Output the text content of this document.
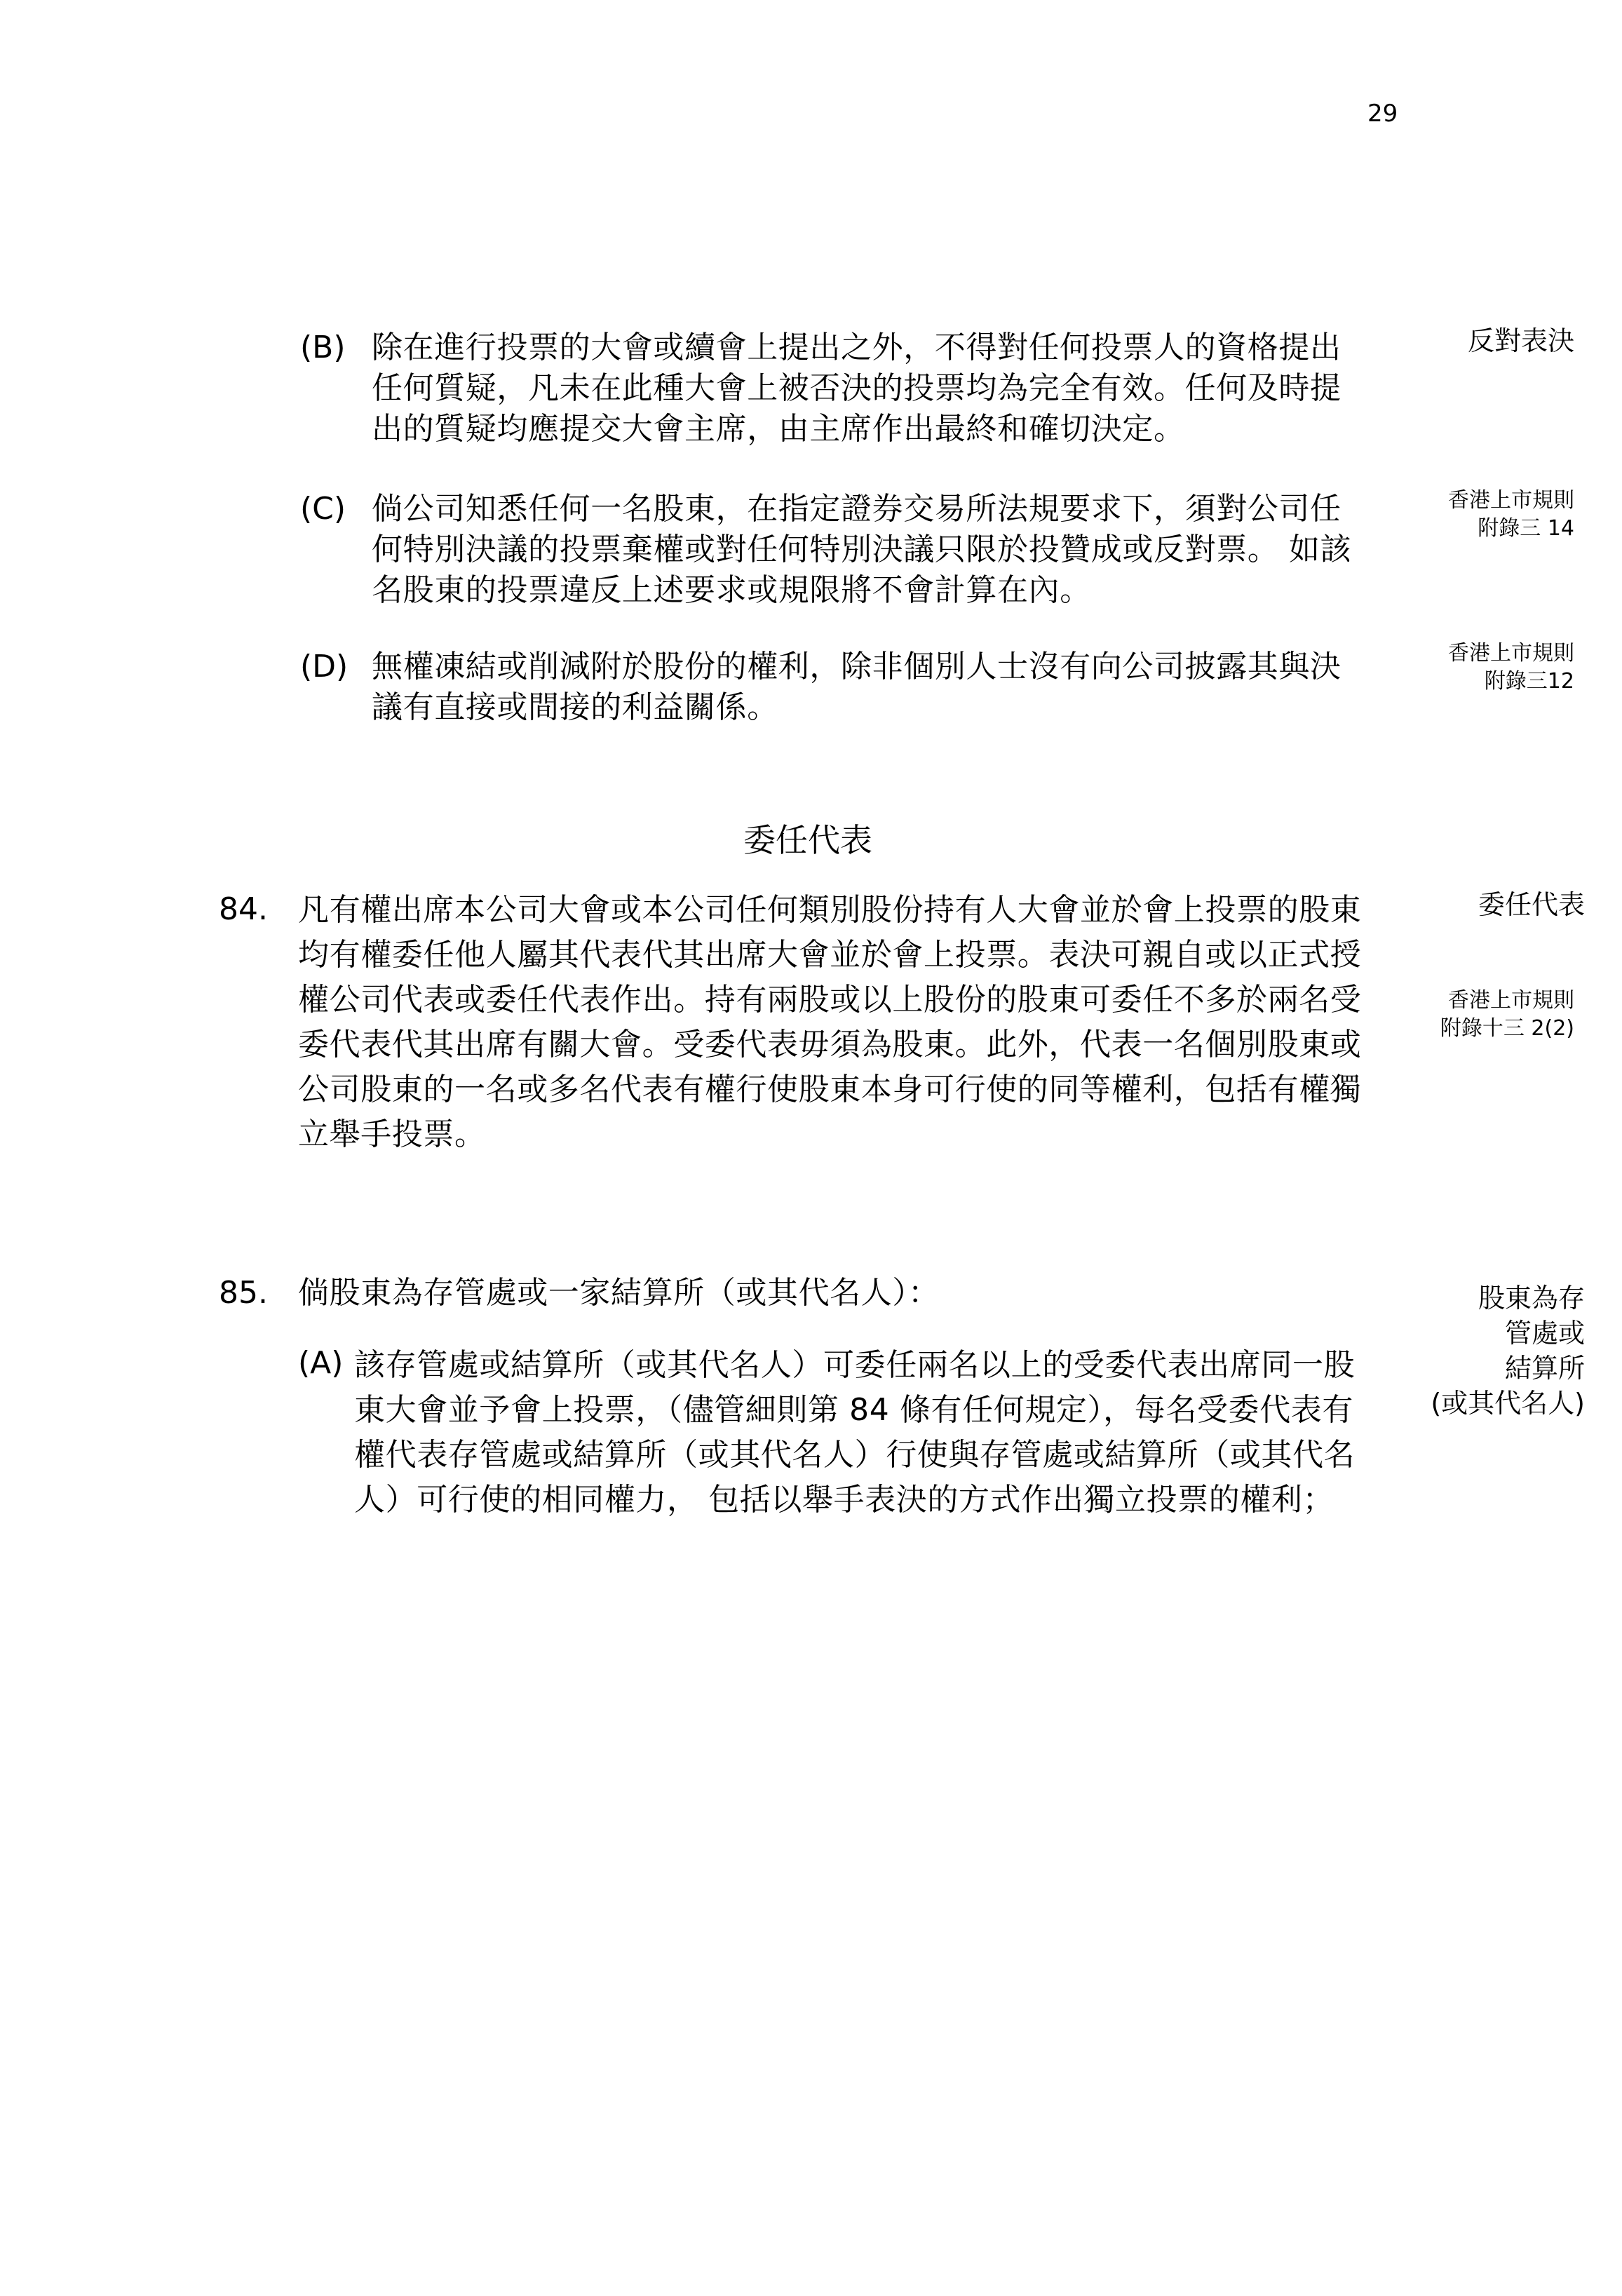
29
(B) 除在進行投票的大會或續會上提出之外，不得對任何投票人的資格提出
任何質疑，凡未在此種大會上被否決的投票均為完全有效。任何及時提
出的質疑均應提交大會主席，由主席作出最終和確切決定。
反對表決
(C) 倘公司知悉任何一名股東，在指定證券交易所法規要求下，須對公司任
何特別決議的投票棄權或對任何特別決議只限於投贊成或反對票。 如該
名股東的投票違反上述要求或規限將不會計算在內。
香港上市規則
附錄三 14
(D) 無權凍結或削減附於股份的權利，除非個別人士沒有向公司披露其與決
議有直接或間接的利益關係。
香港上市規則
附錄三12
委任代表
84. 凡有權出席本公司大會或本公司任何類別股份持有人大會並於會上投票的股東
均有權委任他人屬其代表代其出席大會並於會上投票。表決可親自或以正式授
權公司代表或委任代表作出。持有兩股或以上股份的股東可委任不多於兩名受
委代表代其出席有關大會。受委代表毋須為股東。此外，代表一名個別股東或
公司股東的一名或多名代表有權行使股東本身可行使的同等權利，包括有權獨
立舉手投票。
委任代表
香港上市規則
附錄十三 2(2)
85. 倘股東為存管處或一家結算所（或其代名人）：	股東為存
管處或
結算所
(或其代名人)
(A) 該存管處或結算所（或其代名人）可委任兩名以上的受委代表出席同一股
東大會並予會上投票，（儘管細則第 84 條有任何規定），每名受委代表有
權代表存管處或結算所（或其代名人）行使與存管處或結算所（或其代名
人）可行使的相同權力， 包括以舉手表決的方式作出獨立投票的權利；
